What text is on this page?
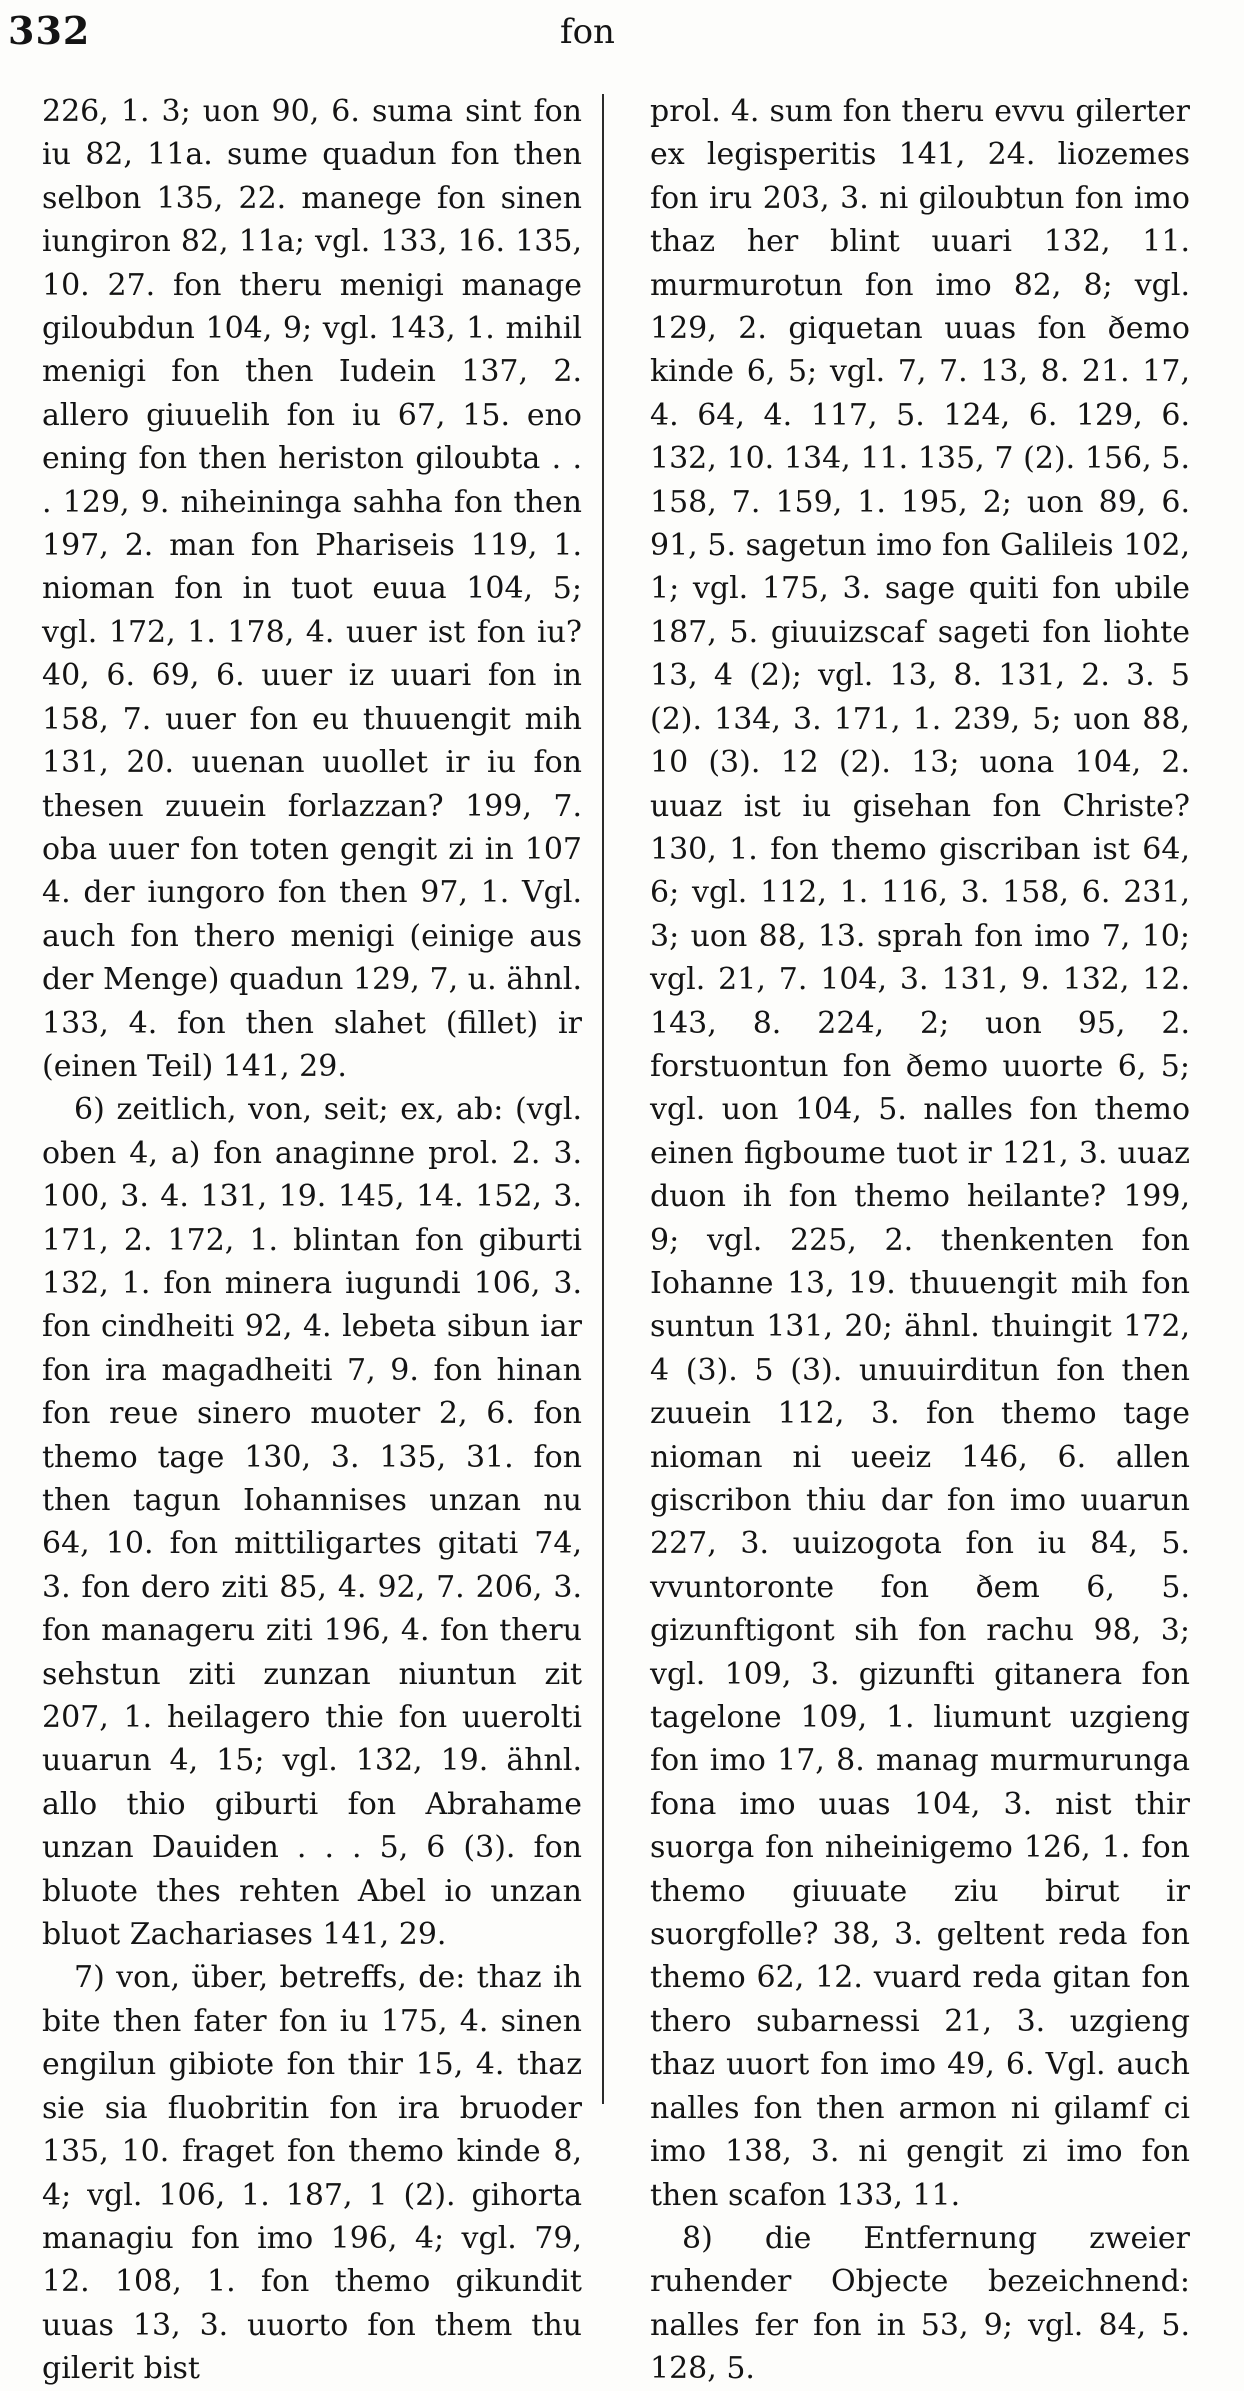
332	fon

226, 1. 3; uon 90, 6. suma sint fon iu 82, 11a. sume quadun fon then selbon 135, 22. manege fon sinen iungiron 82, 11a; vgl. 133, 16. 135, 10. 27. fon theru menigi manage giloubdun 104, 9; vgl. 143, 1. mihil menigi fon then Iudein 137, 2. allero giuuelih fon iu 67, 15. eno ening fon then heriston giloubta . . . 129, 9. niheininga sahha fon then 197, 2. man fon Phariseis 119, 1. nioman fon in tuot euua 104, 5; vgl. 172, 1. 178, 4. uuer ist fon iu? 40, 6. 69, 6. uuer iz uuari fon in 158, 7. uuer fon eu thuuengit mih 131, 20. uuenan uuollet ir iu fon thesen zuuein forlazzan? 199, 7. oba uuer fon toten gengit zi in 107 4. der iungoro fon then 97, 1. Vgl. auch fon thero menigi (einige aus der Menge) quadun 129, 7, u. ähnl. 133, 4. fon then slahet (fillet) ir (einen Teil) 141, 29.

6) zeitlich, von, seit; ex, ab: (vgl. oben 4, a) fon anaginne prol. 2. 3. 100, 3. 4. 131, 19. 145, 14. 152, 3. 171, 2. 172, 1. blintan fon giburti 132, 1. fon minera iugundi 106, 3. fon cindheiti 92, 4. lebeta sibun iar fon ira magadheiti 7, 9. fon hinan fon reue sinero muoter 2, 6. fon themo tage 130, 3. 135, 31. fon then tagun Iohannises unzan nu 64, 10. fon mittiligartes gitati 74, 3. fon dero ziti 85, 4. 92, 7. 206, 3. fon manageru ziti 196, 4. fon theru sehstun ziti zunzan niuntun zit 207, 1. heilagero thie fon uuerolti uuarun 4, 15; vgl. 132, 19. ähnl. allo thio giburti fon Abrahame unzan Dauiden . . . 5, 6 (3). fon bluote thes rehten Abel io unzan bluot Zachariases 141, 29.

7) von, über, betreffs, de: thaz ih bite then fater fon iu 175, 4. sinen engilun gibiote fon thir 15, 4. thaz sie sia fluobritin fon ira bruoder 135, 10. fraget fon themo kinde 8, 4; vgl. 106, 1. 187, 1 (2). gihorta managiu fon imo 196, 4; vgl. 79, 12. 108, 1. fon themo gikundit uuas 13, 3. uuorto fon them thu gilerit bist

prol. 4. sum fon theru evvu gilerter ex legisperitis 141, 24. liozemes fon iru 203, 3. ni giloubtun fon imo thaz her blint uuari 132, 11. murmurotun fon imo 82, 8; vgl. 129, 2. giquetan uuas fon ðemo kinde 6, 5; vgl. 7, 7. 13, 8. 21. 17, 4. 64, 4. 117, 5. 124, 6. 129, 6. 132, 10. 134, 11. 135, 7 (2). 156, 5. 158, 7. 159, 1. 195, 2; uon 89, 6. 91, 5. sagetun imo fon Galileis 102, 1; vgl. 175, 3. sage quiti fon ubile 187, 5. giuuizscaf sageti fon liohte 13, 4 (2); vgl. 13, 8. 131, 2. 3. 5 (2). 134, 3. 171, 1. 239, 5; uon 88, 10 (3). 12 (2). 13; uona 104, 2. uuaz ist iu gisehan fon Christe? 130, 1. fon themo giscriban ist 64, 6; vgl. 112, 1. 116, 3. 158, 6. 231, 3; uon 88, 13. sprah fon imo 7, 10; vgl. 21, 7. 104, 3. 131, 9. 132, 12. 143, 8. 224, 2; uon 95, 2. forstuontun fon ðemo uuorte 6, 5; vgl. uon 104, 5. nalles fon themo einen figboume tuot ir 121, 3. uuaz duon ih fon themo heilante? 199, 9; vgl. 225, 2. thenkenten fon Iohanne 13, 19. thuuengit mih fon suntun 131, 20; ähnl. thuingit 172, 4 (3). 5 (3). unuuirditun fon then zuuein 112, 3. fon themo tage nioman ni ueeiz 146, 6. allen giscribon thiu dar fon imo uuarun 227, 3. uuizogota fon iu 84, 5. vvuntoronte fon ðem 6, 5. gizunftigont sih fon rachu 98, 3; vgl. 109, 3. gizunfti gitanera fon tagelone 109, 1. liumunt uzgieng fon imo 17, 8. manag murmurunga fona imo uuas 104, 3. nist thir suorga fon niheinigemo 126, 1. fon themo giuuate ziu birut ir suorgfolle? 38, 3. geltent reda fon themo 62, 12. vuard reda gitan fon thero subarnessi 21, 3. uzgieng thaz uuort fon imo 49, 6. Vgl. auch nalles fon then armon ni gilamf ci imo 138, 3. ni gengit zi imo fon then scafon 133, 11.

8) die Entfernung zweier ruhender Objecte bezeichnend: nalles fer fon in 53, 9; vgl. 84, 5. 128, 5.
